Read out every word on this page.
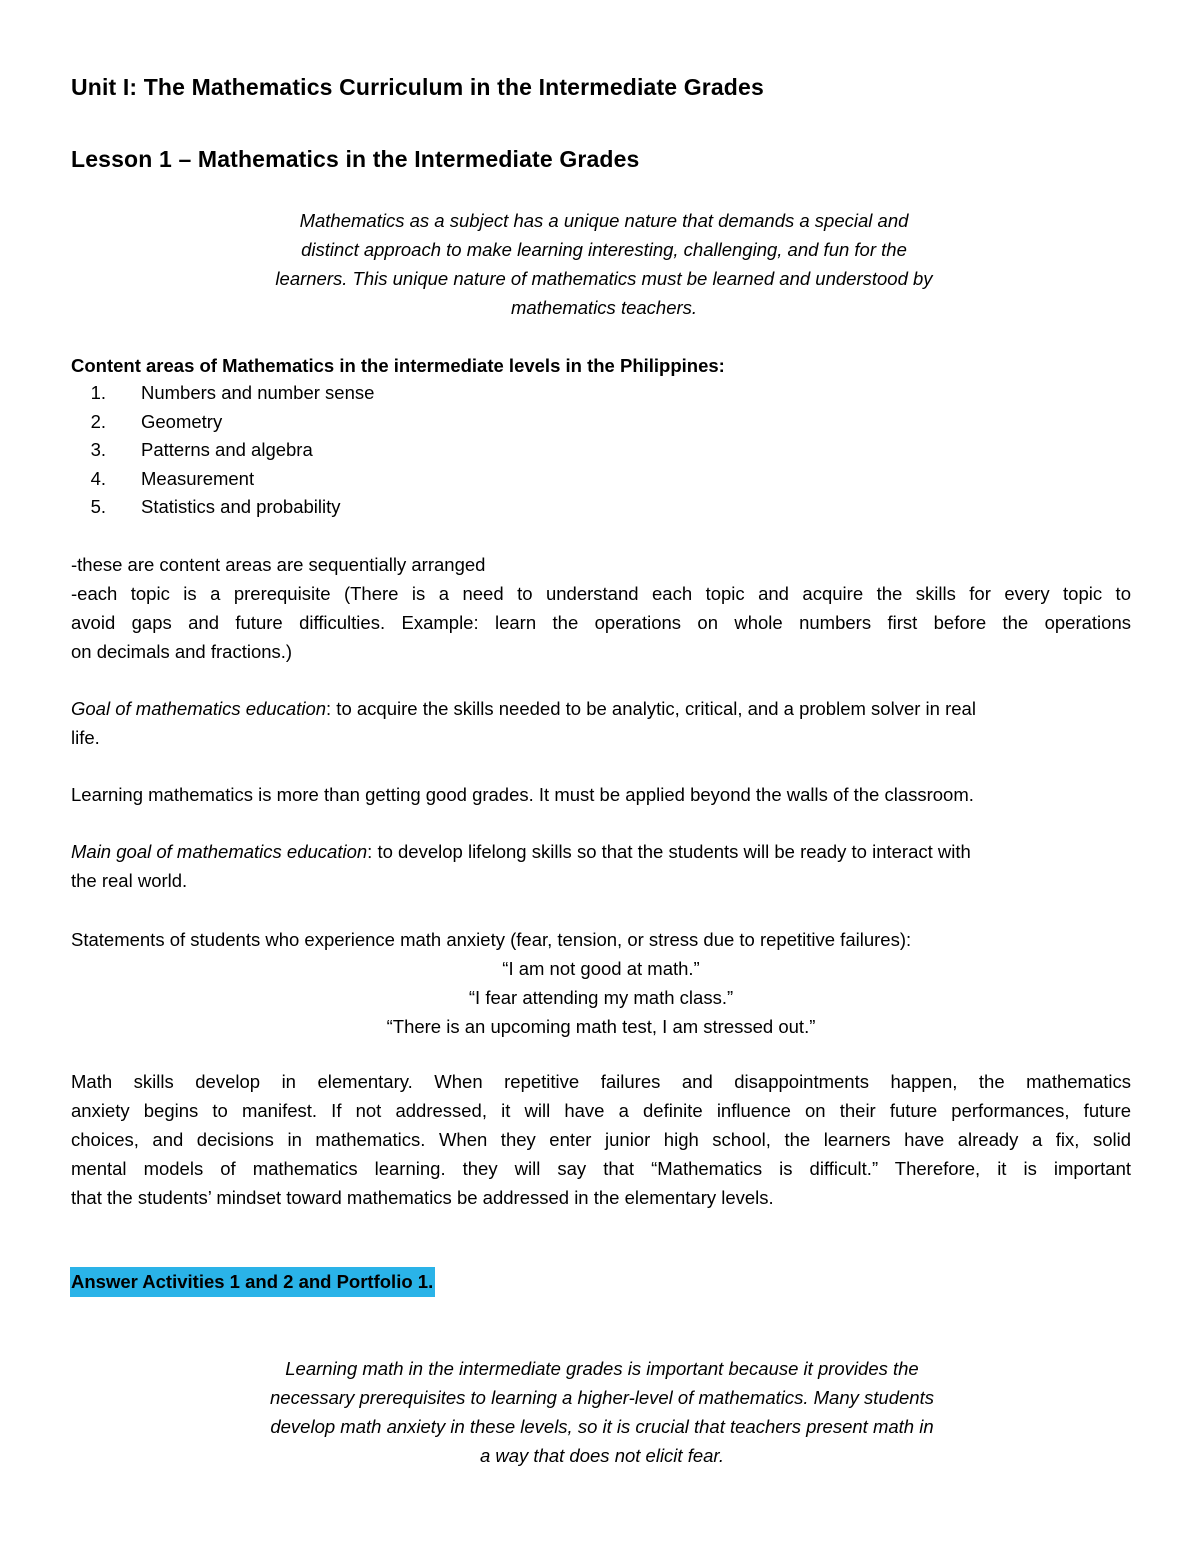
Unit I: The Mathematics Curriculum in the Intermediate Grades
Lesson 1 – Mathematics in the Intermediate Grades
Mathematics as a subject has a unique nature that demands a special and
distinct approach to make learning interesting, challenging, and fun for the
learners. This unique nature of mathematics must be learned and understood by
mathematics teachers.
Content areas of Mathematics in the intermediate levels in the Philippines:
1. Numbers and number sense
2. Geometry
3. Patterns and algebra
4. Measurement
5. Statistics and probability
-these are content areas are sequentially arranged
-each topic is a prerequisite (There is a need to understand each topic and acquire the skills for every topic to
avoid gaps and future difficulties. Example: learn the operations on whole numbers first before the operations
on decimals and fractions.)
Goal of mathematics education: to acquire the skills needed to be analytic, critical, and a problem solver in real
life.
Learning mathematics is more than getting good grades. It must be applied beyond the walls of the classroom.
Main goal of mathematics education: to develop lifelong skills so that the students will be ready to interact with
the real world.
Statements of students who experience math anxiety (fear, tension, or stress due to repetitive failures):
“I am not good at math.”
“I fear attending my math class.”
“There is an upcoming math test, I am stressed out.”
Math skills develop in elementary. When repetitive failures and disappointments happen, the mathematics
anxiety begins to manifest. If not addressed, it will have a definite influence on their future performances, future
choices, and decisions in mathematics. When they enter junior high school, the learners have already a fix, solid
mental models of mathematics learning. they will say that “Mathematics is difficult.” Therefore, it is important
that the students’ mindset toward mathematics be addressed in the elementary levels.
Answer Activities 1 and 2 and Portfolio 1.
Learning math in the intermediate grades is important because it provides the
necessary prerequisites to learning a higher-level of mathematics. Many students
develop math anxiety in these levels, so it is crucial that teachers present math in
a way that does not elicit fear.
